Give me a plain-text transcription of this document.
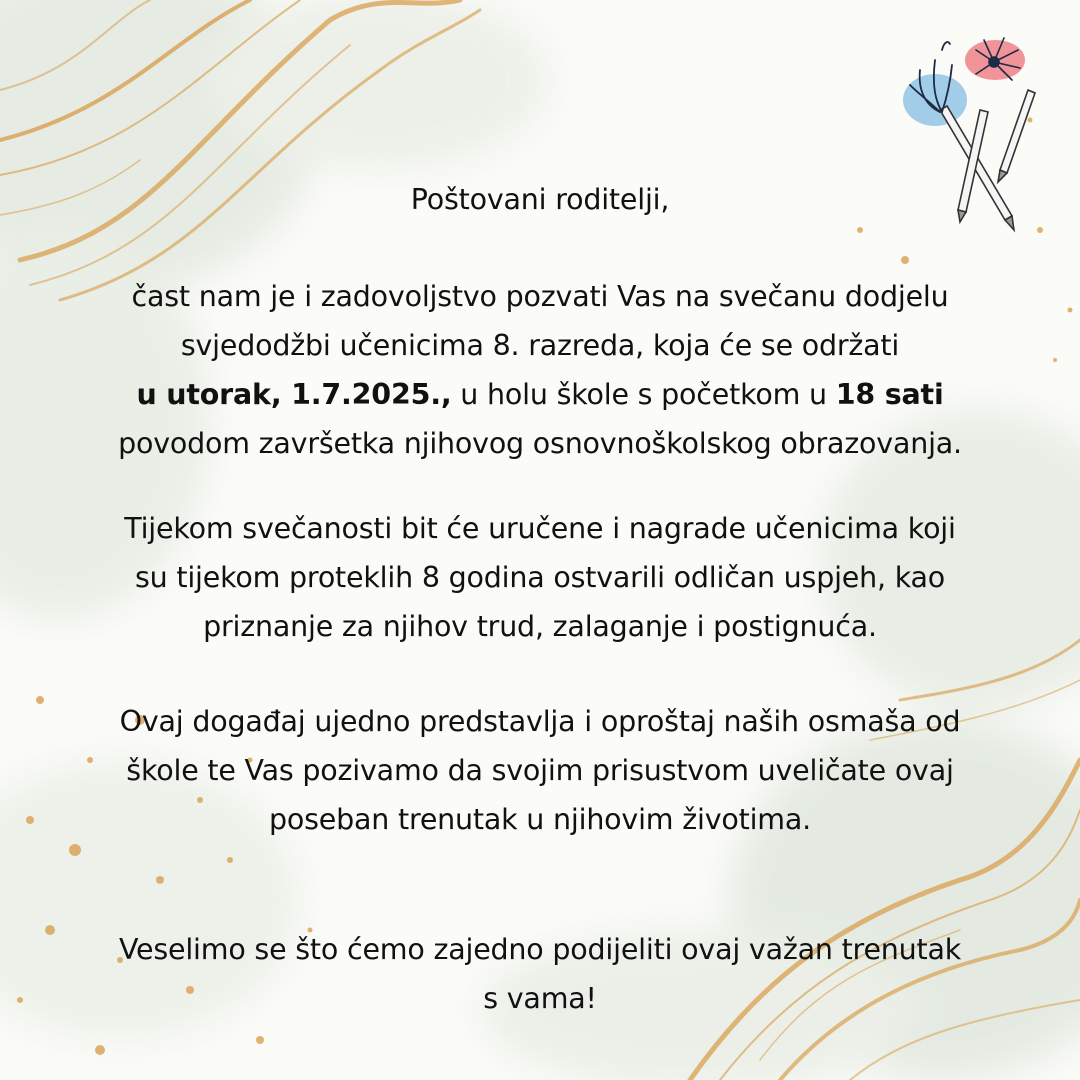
Poštovani roditelji,
čast nam je i zadovoljstvo pozvati Vas na svečanu dodjelu
svjedodžbi učenicima 8. razreda, koja će se održati
u utorak, 1.7.2025., u holu škole s početkom u 18 sati
povodom završetka njihovog osnovnoškolskog obrazovanja.
Tijekom svečanosti bit će uručene i nagrade učenicima koji
su tijekom proteklih 8 godina ostvarili odličan uspjeh, kao
priznanje za njihov trud, zalaganje i postignuća.
Ovaj događaj ujedno predstavlja i oproštaj naših osmaša od
škole te Vas pozivamo da svojim prisustvom uveličate ovaj
poseban trenutak u njihovim životima.
Veselimo se što ćemo zajedno podijeliti ovaj važan trenutak
s vama!
